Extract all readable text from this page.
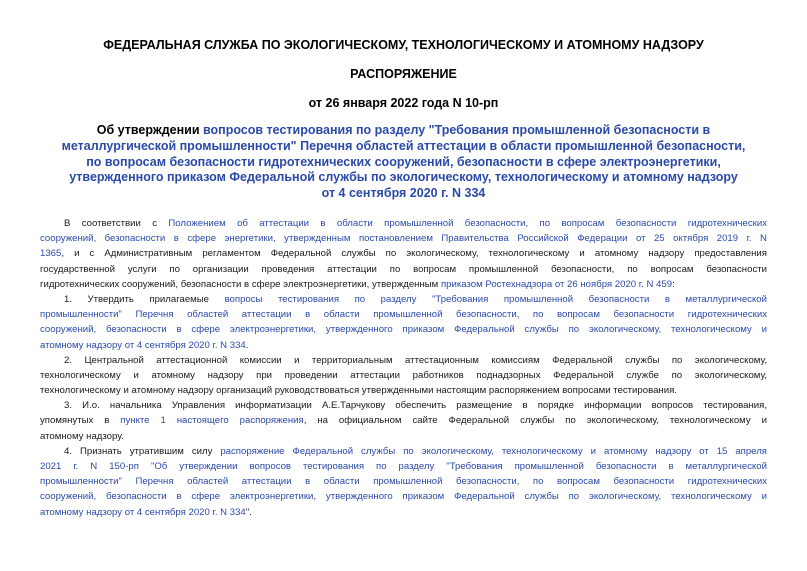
ФЕДЕРАЛЬНАЯ СЛУЖБА ПО ЭКОЛОГИЧЕСКОМУ, ТЕХНОЛОГИЧЕСКОМУ И АТОМНОМУ НАДЗОРУ
РАСПОРЯЖЕНИЕ
от 26 января 2022 года N 10-рп
Об утверждении вопросов тестирования по разделу "Требования промышленной безопасности в
металлургической промышленности" Перечня областей аттестации в области промышленной безопасности,
по вопросам безопасности гидротехнических сооружений, безопасности в сфере электроэнергетики,
утвержденного приказом Федеральной службы по экологическому, технологическому и атомному надзору
от 4 сентября 2020 г. N 334
В соответствии с Положением об аттестации в области промышленной безопасности, по вопросам безопасности гидротехнических
сооружений, безопасности в сфере энергетики, утвержденным постановлением Правительства Российской Федерации от 25 октября 2019 г. N
1365, и с Административным регламентом Федеральной службы по экологическому, технологическому и атомному надзору предоставления
государственной услуги по организации проведения аттестации по вопросам промышленной безопасности, по вопросам безопасности
гидротехнических сооружений, безопасности в сфере электроэнергетики, утвержденным приказом Ростехнадзора от 26 ноября 2020 г. N 459:
1. Утвердить прилагаемые вопросы тестирования по разделу "Требования промышленной безопасности в металлургической
промышленности" Перечня областей аттестации в области промышленной безопасности, по вопросам безопасности гидротехнических
сооружений, безопасности в сфере электроэнергетики, утвержденного приказом Федеральной службы по экологическому, технологическому и
атомному надзору от 4 сентября 2020 г. N 334.
2. Центральной аттестационной комиссии и территориальным аттестационным комиссиям Федеральной службы по экологическому,
технологическому и атомному надзору при проведении аттестации работников поднадзорных Федеральной службе по экологическому,
технологическому и атомному надзору организаций руководствоваться утвержденными настоящим распоряжением вопросами тестирования.
3. И.о. начальника Управления информатизации А.Е.Тарчукову обеспечить размещение в порядке информации вопросов тестирования,
упомянутых в пункте 1 настоящего распоряжения, на официальном сайте Федеральной службы по экологическому, технологическому и
атомному надзору.
4. Признать утратившим силу распоряжение Федеральной службы по экологическому, технологическому и атомному надзору от 15 апреля
2021 г. N 150-рп "Об утверждении вопросов тестирования по разделу "Требования промышленной безопасности в металлургической
промышленности" Перечня областей аттестации в области промышленной безопасности, по вопросам безопасности гидротехнических
сооружений, безопасности в сфере электроэнергетики, утвержденного приказом Федеральной службы по экологическому, технологическому и
атомному надзору от 4 сентября 2020 г. N 334".
